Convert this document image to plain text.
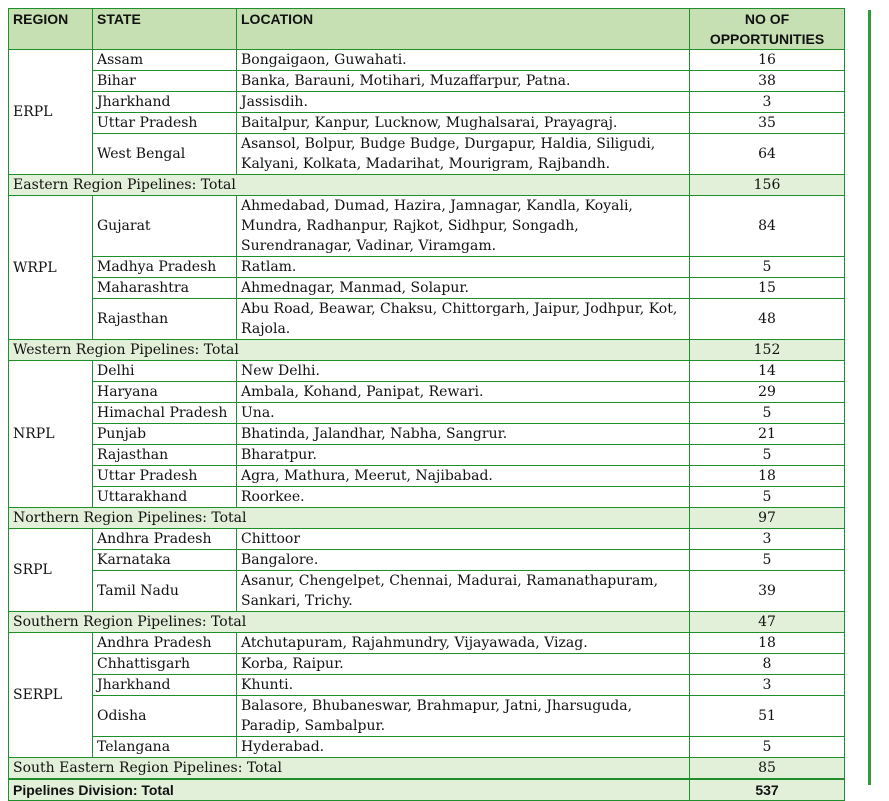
REGION	STATE	LOCATION	NO OF OPPORTUNITIES
ERPL	Assam	Bongaigaon, Guwahati.	16
	Bihar	Banka, Barauni, Motihari, Muzaffarpur, Patna.	38
	Jharkhand	Jassisdih.	3
	Uttar Pradesh	Baitalpur, Kanpur, Lucknow, Mughalsarai, Prayagraj.	35
	West Bengal	Asansol, Bolpur, Budge Budge, Durgapur, Haldia, Siligudi, Kalyani, Kolkata, Madarihat, Mourigram, Rajbandh.	64
Eastern Region Pipelines: Total			156
WRPL	Gujarat	Ahmedabad, Dumad, Hazira, Jamnagar, Kandla, Koyali, Mundra, Radhanpur, Rajkot, Sidhpur, Songadh, Surendranagar, Vadinar, Viramgam.	84
	Madhya Pradesh	Ratlam.	5
	Maharashtra	Ahmednagar, Manmad, Solapur.	15
	Rajasthan	Abu Road, Beawar, Chaksu, Chittorgarh, Jaipur, Jodhpur, Kot, Rajola.	48
Western Region Pipelines: Total			152
NRPL	Delhi	New Delhi.	14
	Haryana	Ambala, Kohand, Panipat, Rewari.	29
	Himachal Pradesh	Una.	5
	Punjab	Bhatinda, Jalandhar, Nabha, Sangrur.	21
	Rajasthan	Bharatpur.	5
	Uttar Pradesh	Agra, Mathura, Meerut, Najibabad.	18
	Uttarakhand	Roorkee.	5
Northern Region Pipelines: Total			97
SRPL	Andhra Pradesh	Chittoor	3
	Karnataka	Bangalore.	5
	Tamil Nadu	Asanur, Chengelpet, Chennai, Madurai, Ramanathapuram, Sankari, Trichy.	39
Southern Region Pipelines: Total			47
SERPL	Andhra Pradesh	Atchutapuram, Rajahmundry, Vijayawada, Vizag.	18
	Chhattisgarh	Korba, Raipur.	8
	Jharkhand	Khunti.	3
	Odisha	Balasore, Bhubaneswar, Brahmapur, Jatni, Jharsuguda, Paradip, Sambalpur.	51
	Telangana	Hyderabad.	5
South Eastern Region Pipelines: Total			85
Pipelines Division: Total			537
